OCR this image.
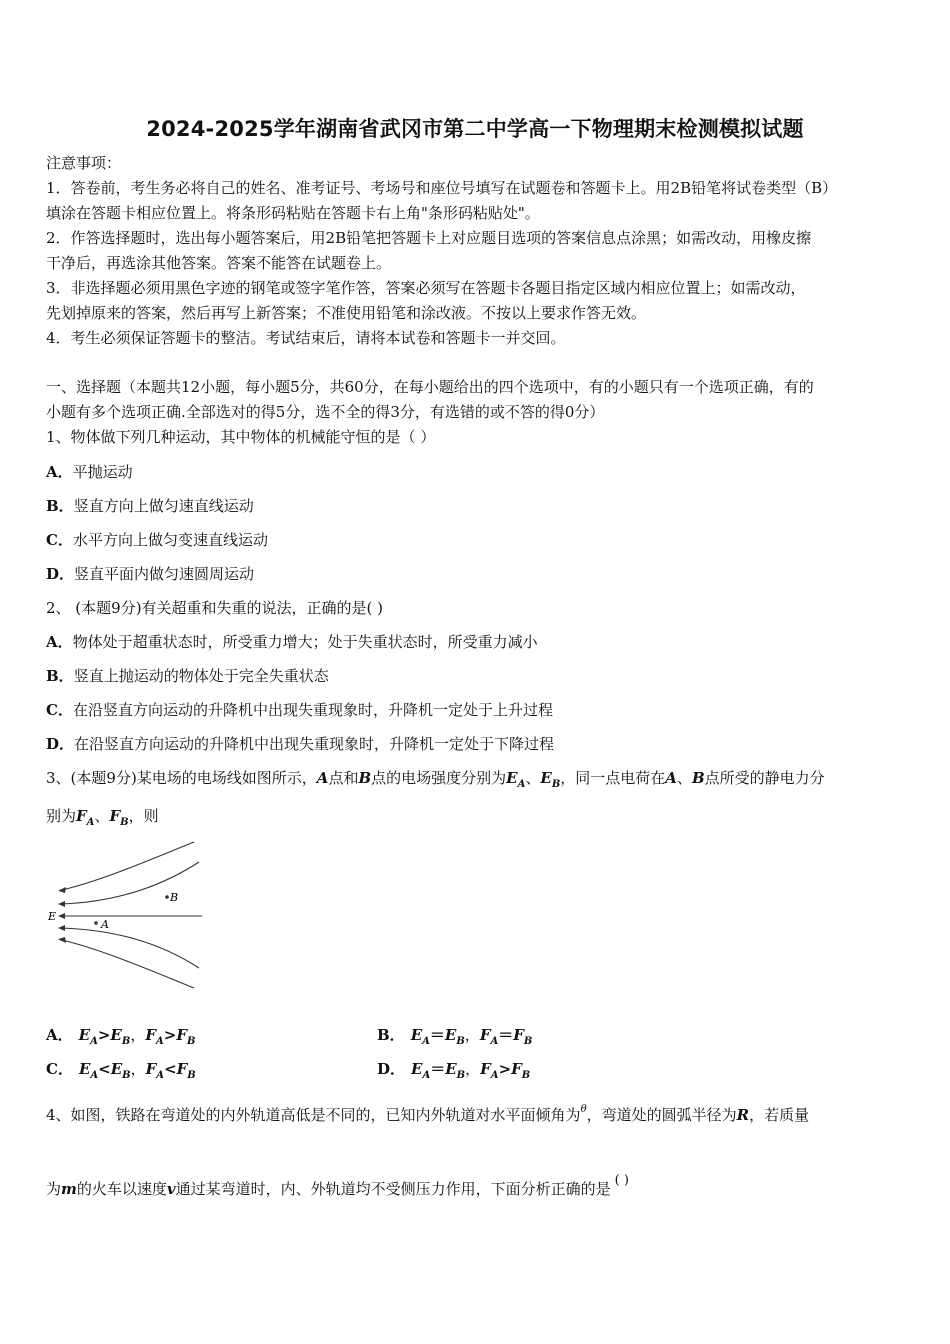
2024-2025学年湖南省武冈市第二中学高一下物理期末检测模拟试题
注意事项：
1．答卷前，考生务必将自己的姓名、准考证号、考场号和座位号填写在试题卷和答题卡上。用2B铅笔将试卷类型（B）
填涂在答题卡相应位置上。将条形码粘贴在答题卡右上角"条形码粘贴处"。
2．作答选择题时，选出每小题答案后，用2B铅笔把答题卡上对应题目选项的答案信息点涂黑；如需改动，用橡皮擦
干净后，再选涂其他答案。答案不能答在试题卷上。
3．非选择题必须用黑色字迹的钢笔或签字笔作答，答案必须写在答题卡各题目指定区域内相应位置上；如需改动，
先划掉原来的答案，然后再写上新答案；不准使用铅笔和涂改液。不按以上要求作答无效。
4．考生必须保证答题卡的整洁。考试结束后，请将本试卷和答题卡一并交回。
一、选择题（本题共12小题，每小题5分，共60分，在每小题给出的四个选项中，有的小题只有一个选项正确，有的
小题有多个选项正确.全部选对的得5分，选不全的得3分，有选错的或不答的得0分）
1、物体做下列几种运动，其中物体的机械能守恒的是（ ）
A．平抛运动
B．竖直方向上做匀速直线运动
C．水平方向上做匀变速直线运动
D．竖直平面内做匀速圆周运动
2、 (本题9分)有关超重和失重的说法，正确的是( )
A．物体处于超重状态时，所受重力增大；处于失重状态时，所受重力减小
B．竖直上抛运动的物体处于完全失重状态
C．在沿竖直方向运动的升降机中出现失重现象时，升降机一定处于上升过程
D．在沿竖直方向运动的升降机中出现失重现象时，升降机一定处于下降过程
3、(本题9分)某电场的电场线如图所示，A点和B点的电场强度分别为$E_A$、$E_B$，同一点电荷在A、B点所受的静电力分
别为$F_A$、$F_B$，则
E
B
A
A． $E_A>E_B$，$F_A>F_B$	B． $E_A=E_B$，$F_A=F_B$
C． $E_A<E_B$，$F_A<F_B$	D． $E_A=E_B$，$F_A>F_B$
4、如图，铁路在弯道处的内外轨道高低是不同的，已知内外轨道对水平面倾角为$^\theta$，弯道处的圆弧半径为R，若质量
为m的火车以速度v通过某弯道时，内、外轨道均不受侧压力作用，下面分析正确的是 ( )
